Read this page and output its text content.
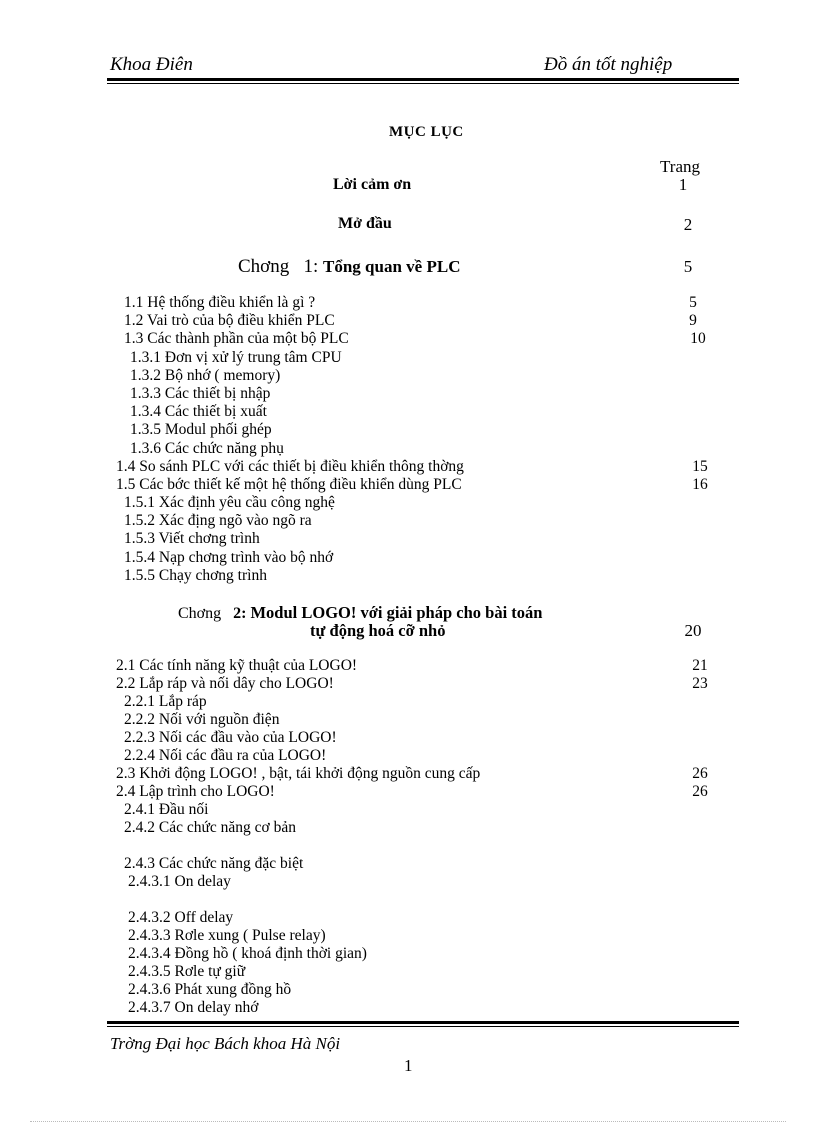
Khoa Điên	Đồ án tốt nghiệp
MỤC LỤC
Trang
Lời cảm ơn	1
Mở đầu	2
Chơng 1: Tổng quan về PLC	5
1.1 Hệ thống điều khiển là gì ?	5
1.2 Vai trò của bộ điều khiển PLC	9
1.3 Các thành phần của một bộ PLC	10
1.3.1 Đơn vị xử lý trung tâm CPU
1.3.2 Bộ nhớ ( memory)
1.3.3 Các thiết bị nhập
1.3.4 Các thiết bị xuất
1.3.5 Modul phối ghép
1.3.6 Các chức năng phụ
1.4 So sánh PLC với các thiết bị điều khiển thông thờng	15
1.5 Các bớc thiết kế một hệ thống điều khiển dùng PLC	16
1.5.1 Xác định yêu cầu công nghệ
1.5.2 Xác địng ngõ vào ngõ ra
1.5.3 Viết chơng trình
1.5.4 Nạp chơng trình vào bộ nhớ
1.5.5 Chạy chơng trình
Chơng 2: Modul LOGO! với giải pháp cho bài toán
tự động hoá cỡ nhỏ	20
2.1 Các tính năng kỹ thuật của LOGO!	21
2.2 Lắp ráp và nối dây cho LOGO!	23
2.2.1 Lắp ráp
2.2.2 Nối với nguồn điện
2.2.3 Nối các đầu vào của LOGO!
2.2.4 Nối các đầu ra của LOGO!
2.3 Khởi động LOGO! , bật, tái khởi động nguồn cung cấp	26
2.4 Lập trình cho LOGO!	26
2.4.1 Đầu nối
2.4.2 Các chức năng cơ bản
2.4.3 Các chức năng đặc biệt
2.4.3.1 On delay
2.4.3.2 Off delay
2.4.3.3 Rơle xung ( Pulse relay)
2.4.3.4 Đồng hồ ( khoá định thời gian)
2.4.3.5 Rơle tự giữ
2.4.3.6 Phát xung đồng hồ
2.4.3.7 On delay nhớ
Trờng Đại học Bách khoa Hà Nội
1
